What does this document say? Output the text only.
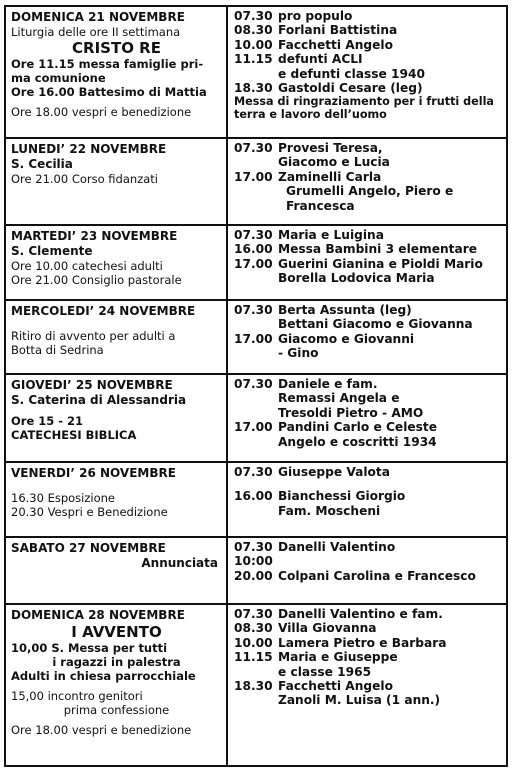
DOMENICA 21 NOVEMBRE
Liturgia delle ore II settimana
CRISTO RE
Ore 11.15 messa famiglie pri-
ma comunione
Ore 16.00 Battesimo di Mattia
Ore 18.00 vespri e benedizione
07.30 pro populo
08.30 Forlani Battistina
10.00 Facchetti Angelo
11.15 defunti ACLI
e defunti classe 1940
18.30 Gastoldi Cesare (leg)
Messa di ringraziamento per i frutti della terra e lavoro dell’uomo
LUNEDI’ 22 NOVEMBRE
S. Cecilia
Ore 21.00 Corso fidanzati
07.30 Provesi Teresa,
Giacomo e Lucia
17.00 Zaminelli Carla
Grumelli Angelo, Piero e
Francesca
MARTEDI’ 23 NOVEMBRE
S. Clemente
Ore 10.00 catechesi adulti
Ore 21.00 Consiglio pastorale
07.30 Maria e Luigina
16.00 Messa Bambini 3 elementare
17.00 Guerini Gianina e Pioldi Mario
Borella Lodovica Maria
MERCOLEDI’ 24 NOVEMBRE
Ritiro di avvento per adulti a
Botta di Sedrina
07.30 Berta Assunta (leg)
Bettani Giacomo e Giovanna
17.00 Giacomo e Giovanni
- Gino
GIOVEDI’ 25 NOVEMBRE
S. Caterina di Alessandria
Ore 15 - 21
CATECHESI BIBLICA
07.30 Daniele e fam.
Remassi Angela e
Tresoldi Pietro - AMO
17.00 Pandini Carlo e Celeste
Angelo e coscritti 1934
VENERDI’ 26 NOVEMBRE
16.30 Esposizione
20.30 Vespri e Benedizione
07.30 Giuseppe Valota
16.00 Bianchessi Giorgio
Fam. Moscheni
SABATO 27 NOVEMBRE
Annunciata
07.30 Danelli Valentino
10:00
20.00 Colpani Carolina e Francesco
DOMENICA 28 NOVEMBRE
I AVVENTO
10,00 S. Messa per tutti
i ragazzi in palestra
Adulti in chiesa parrocchiale
15,00 incontro genitori
prima confessione
Ore 18.00 vespri e benedizione
07.30 Danelli Valentino e fam.
08.30 Villa Giovanna
10.00 Lamera Pietro e Barbara
11.15 Maria e Giuseppe
e classe 1965
18.30 Facchetti Angelo
Zanoli M. Luisa (1 ann.)
